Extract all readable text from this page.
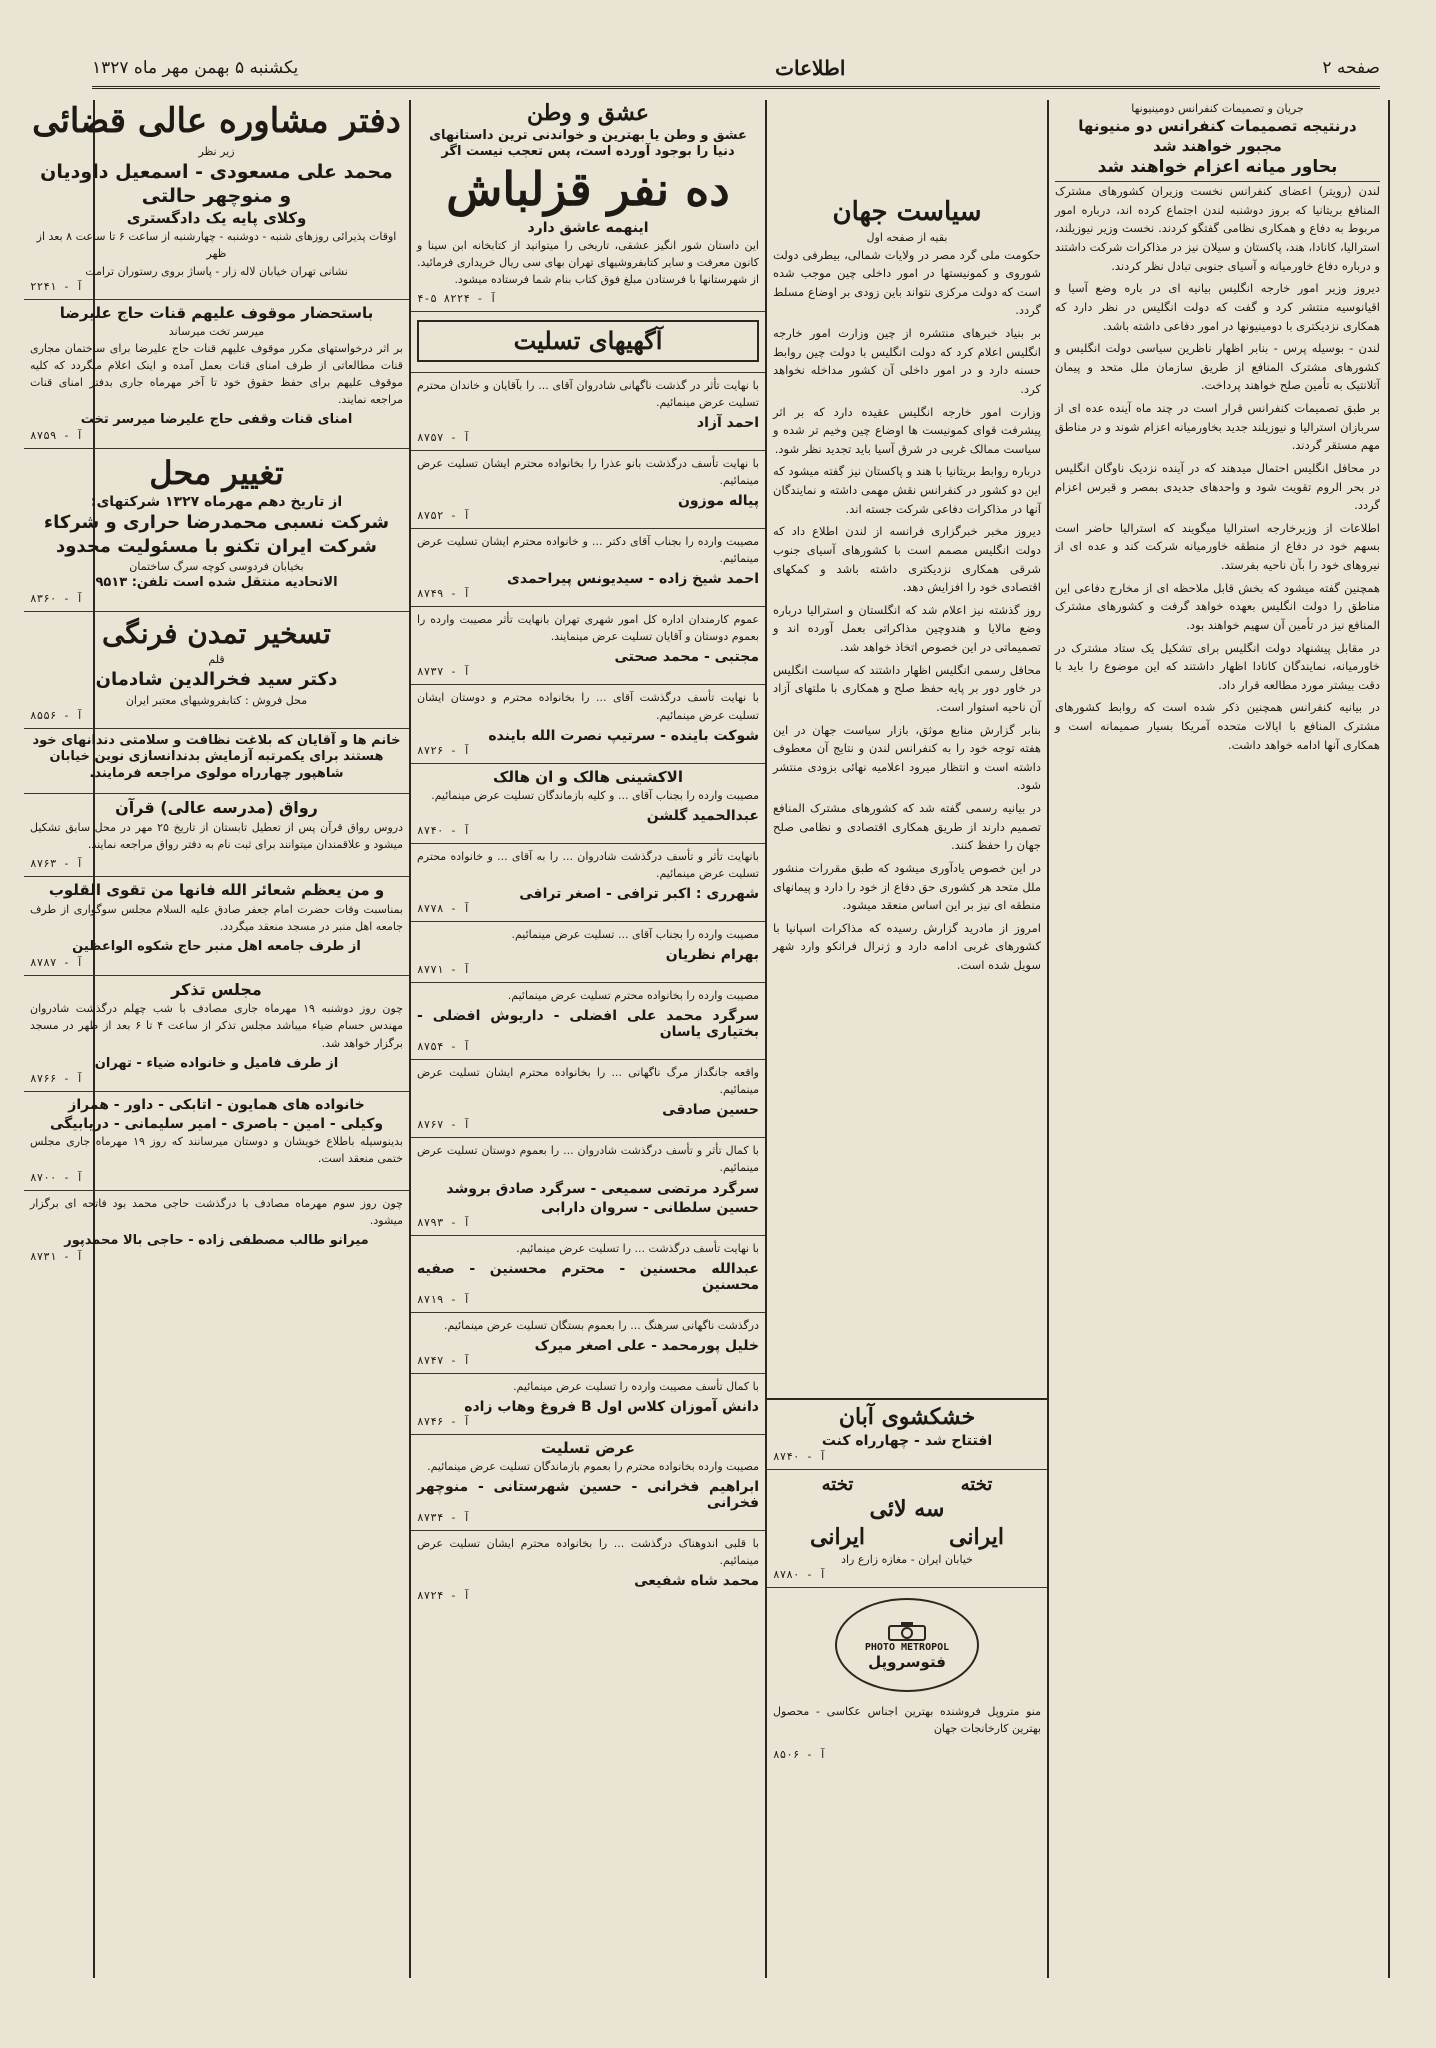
صفحه ۲
اطلاعات
یکشنبه ۵ بهمن مهر ماه ۱۳۲۷
جریان و تصمیمات کنفرانس دومینیونها
درنتیجه تصمیمات کنفرانس دو منیونها مجبور خواهند شد
بحاور میانه اعزام خواهند شد

لندن (رویتر) اعضای کنفرانس نخست وزیران کشورهای مشترک المنافع بریتانیا که بروز دوشنبه لندن اجتماع کرده اند، درباره امور مربوط به دفاع و همکاری نظامی گفتگو کردند. نخست وزیر نیوزیلند، استرالیا، کانادا، هند، پاکستان و سیلان نیز در مذاکرات شرکت داشتند و درباره دفاع خاورمیانه و آسیای جنوبی تبادل نظر کردند.

دیروز وزیر امور خارجه انگلیس بیانیه ای در باره وضع آسیا و اقیانوسیه منتشر کرد و گفت که دولت انگلیس در نظر دارد که همکاری نزدیکتری با دومینیونها در امور دفاعی داشته باشد.

لندن - بوسیله پرس - بنابر اظهار ناظرین سیاسی دولت انگلیس و کشورهای مشترک المنافع از طریق سازمان ملل متحد و پیمان آتلانتیک به تأمین صلح خواهند پرداخت.

بر طبق تصمیمات کنفرانس قرار است در چند ماه آینده عده ای از سربازان استرالیا و نیوزیلند جدید بخاورمیانه اعزام شوند و در مناطق مهم مستقر گردند.

در محافل انگلیس احتمال میدهند که در آینده نزدیک ناوگان انگلیس در بحر الروم تقویت شود و واحدهای جدیدی بمصر و قبرس اعزام گردد.

اطلاعات از وزیرخارجه استرالیا میگویند که استرالیا حاضر است بسهم خود در دفاع از منطقه خاورمیانه شرکت کند و عده ای از نیروهای خود را بآن ناحیه بفرستد.

همچنین گفته میشود که بخش قابل ملاحظه ای از مخارج دفاعی این مناطق را دولت انگلیس بعهده خواهد گرفت و کشورهای مشترک المنافع نیز در تأمین آن سهیم خواهند بود.

در مقابل پیشنهاد دولت انگلیس برای تشکیل یک ستاد مشترک در خاورمیانه، نمایندگان کانادا اظهار داشتند که این موضوع را باید با دقت بیشتر مورد مطالعه قرار داد.

در بیانیه کنفرانس همچنین ذکر شده است که روابط کشورهای مشترک المنافع با ایالات متحده آمریکا بسیار صمیمانه است و همکاری آنها ادامه خواهد داشت.

سیاست جهان
بقیه از صفحه اول

حکومت ملی گرد مصر در ولایات شمالی، بیطرفی دولت شوروی و کمونیستها در امور داخلی چین موجب شده است که دولت مرکزی نتواند باین زودی بر اوضاع مسلط گردد.

بر بنیاد خبرهای منتشره از چین وزارت امور خارجه انگلیس اعلام کرد که دولت انگلیس با دولت چین روابط حسنه دارد و در امور داخلی آن کشور مداخله نخواهد کرد.

وزارت امور خارجه انگلیس عقیده دارد که بر اثر پیشرفت قوای کمونیست ها اوضاع چین وخیم تر شده و سیاست ممالک غربی در شرق آسیا باید تجدید نظر شود.

درباره روابط بریتانیا با هند و پاکستان نیز گفته میشود که این دو کشور در کنفرانس نقش مهمی داشته و نمایندگان آنها در مذاکرات دفاعی شرکت جسته اند.

دیروز مخبر خبرگزاری فرانسه از لندن اطلاع داد که دولت انگلیس مصمم است با کشورهای آسیای جنوب شرقی همکاری نزدیکتری داشته باشد و کمکهای اقتصادی خود را افزایش دهد.

روز گذشته نیز اعلام شد که انگلستان و استرالیا درباره وضع مالایا و هندوچین مذاکراتی بعمل آورده اند و تصمیماتی در این خصوص اتخاذ خواهد شد.

محافل رسمی انگلیس اظهار داشتند که سیاست انگلیس در خاور دور بر پایه حفظ صلح و همکاری با ملتهای آزاد آن ناحیه استوار است.

بنابر گزارش منابع موثق، بازار سیاست جهان در این هفته توجه خود را به کنفرانس لندن و نتایج آن معطوف داشته است و انتظار میرود اعلامیه نهائی بزودی منتشر شود.

در بیانیه رسمی گفته شد که کشورهای مشترک المنافع تصمیم دارند از طریق همکاری اقتصادی و نظامی صلح جهان را حفظ کنند.

در این خصوص یادآوری میشود که طبق مقررات منشور ملل متحد هر کشوری حق دفاع از خود را دارد و پیمانهای منطقه ای نیز بر این اساس منعقد میشود.

امروز از مادرید گزارش رسیده که مذاکرات اسپانیا با کشورهای غربی ادامه دارد و ژنرال فرانکو وارد شهر سویل شده است.

خشکشوی آبان
افتتاح شد - چهارراه کنت
آ - ۸۷۴۰
تخته
تخته
سه لائی
ایرانی
ایرانی
خیابان ایران - مغازه زارع راد
آ - ۸۷۸۰
PHOTO METROPOL
فتوسروپل

منو متروپل فروشنده بهترین اجناس عکاسی - محصول بهترین کارخانجات جهان

آ - ۸۵۰۶
عشق و وطن
عشق و وطن یا بهترین و خواندنی ترین داستانهای دنیا را بوجود آورده است، پس تعجب نیست اگر
ده نفر قزلباش
اینهمه عاشق دارد

این داستان شور انگیز عشقی، تاریخی را میتوانید از کتابخانه ابن سینا و کانون معرفت و سایر کتابفروشیهای تهران بهای سی ریال خریداری فرمائید. از شهرستانها با فرستادن مبلغ فوق کتاب بنام شما فرستاده میشود.

آ - ۸۲۲۴ ۵-۴
آگهیهای تسلیت

با نهایت تأثر در گذشت ناگهانی شادروان آقای ... را بآقایان و خاندان محترم تسلیت عرض مینمائیم.

احمد آزاد
آ - ۸۷۵۷

با نهایت تأسف درگذشت بانو عذرا را بخانواده محترم ایشان تسلیت عرض مینمائیم.

پیاله موزون
آ - ۸۷۵۲

مصیبت وارده را بجناب آقای دکتر ... و خانواده محترم ایشان تسلیت عرض مینمائیم.

احمد شیخ زاده - سیدیونس پیراحمدی
آ - ۸۷۴۹

عموم کارمندان اداره کل امور شهری تهران بانهایت تأثر مصیبت وارده را بعموم دوستان و آقایان تسلیت عرض مینمایند.

مجتبی - محمد صحتی
آ - ۸۷۳۷

با نهایت تأسف درگذشت آقای ... را بخانواده محترم و دوستان ایشان تسلیت عرض مینمائیم.

شوکت باینده - سرتیپ نصرت الله باینده
آ - ۸۷۲۶
الاکشینی هالک و ان هالک

مصیبت وارده را بجناب آقای ... و کلیه بازماندگان تسلیت عرض مینمائیم.

عبدالحمید گلشن
آ - ۸۷۴۰

بانهایت تأثر و تأسف درگذشت شادروان ... را به آقای ... و خانواده محترم تسلیت عرض مینمائیم.

شهرری : اکبر ترافی - اصغر ترافی
آ - ۸۷۷۸

مصیبت وارده را بجناب آقای ... تسلیت عرض مینمائیم.

بهرام نظریان
آ - ۸۷۷۱

مصیبت وارده را بخانواده محترم تسلیت عرض مینمائیم.

سرگرد محمد علی افضلی - داریوش افضلی - بختیاری یاسان
آ - ۸۷۵۴

واقعه جانگداز مرگ ناگهانی ... را بخانواده محترم ایشان تسلیت عرض مینمائیم.

حسین صادقی
آ - ۸۷۶۷

با کمال تأثر و تأسف درگذشت شادروان ... را بعموم دوستان تسلیت عرض مینمائیم.

سرگرد مرتضی سمیعی - سرگرد صادق بروشد
حسین سلطانی - سروان دارابی
آ - ۸۷۹۳

با نهایت تأسف درگذشت ... را تسلیت عرض مینمائیم.

عبدالله محسنین - محترم محسنین - صفیه محسنین
آ - ۸۷۱۹

درگذشت ناگهانی سرهنگ ... را بعموم بستگان تسلیت عرض مینمائیم.

خلیل پورمحمد - علی اصغر میرک
آ - ۸۷۴۷

با کمال تأسف مصیبت وارده را تسلیت عرض مینمائیم.

دانش آموزان کلاس اول B فروغ وهاب زاده
آ - ۸۷۴۶
عرض تسلیت

مصیبت وارده بخانواده محترم را بعموم بازماندگان تسلیت عرض مینمائیم.

ابراهیم فخرانی - حسین شهرستانی - منوچهر فخرانی
آ - ۸۷۳۴

با قلبی اندوهناک درگذشت ... را بخانواده محترم ایشان تسلیت عرض مینمائیم.

محمد شاه شفیعی
آ - ۸۷۲۴
دفتر مشاوره عالی قضائی
زیر نظر
محمد علی مسعودی - اسمعیل داودیان
و منوچهر حالتی
وکلای پایه یک دادگستری
اوقات پذیرائی روزهای شنبه - دوشنبه - چهارشنبه از ساعت ۶ تا ساعت ۸ بعد از ظهر
نشانی تهران خیابان لاله زار - پاساژ بروی رستوران ترامت
آ - ۲۲۴۱
باستحضار موقوف علیهم قنات حاج علیرضا
میرسر تخت میرساند

بر اثر درخواستهای مکرر موقوف علیهم قنات حاج علیرضا برای ساختمان مجاری قنات مطالعاتی از طرف امنای قنات بعمل آمده و اینک اعلام میگردد که کلیه موقوف علیهم برای حفظ حقوق خود تا آخر مهرماه جاری بدفتر امنای قنات مراجعه نمایند.

امنای قنات وقفی حاج علیرضا میرسر تخت
آ - ۸۷۵۹
تغییر محل
از تاریخ دهم مهرماه ۱۳۲۷ شرکتهای:
شرکت نسبی محمدرضا حراری و شرکاء
شرکت ایران تکنو با مسئولیت محدود
بخیابان فردوسی کوچه سرگ ساختمان
الاتحادیه منتقل شده است تلفن: ۹۵۱۳
آ - ۸۳۶۰
تسخیر تمدن فرنگی
قلم
دکتر سید فخرالدین شادمان
محل فروش : کتابفروشیهای معتبر ایران
آ - ۸۵۵۶

خانم ها و آقایان که بلاغت نظافت و سلامتی دندانهای خود هستند برای یکمرتبه آزمایش بدندانسازی نوین خیابان شاهپور چهارراه مولوی مراجعه فرمایند.

رواق (مدرسه عالی) قرآن

دروس رواق قرآن پس از تعطیل تابستان از تاریخ ۲۵ مهر در محل سابق تشکیل میشود و علاقمندان میتوانند برای ثبت نام به دفتر رواق مراجعه نمایند.

آ - ۸۷۶۳
و من یعظم شعائر الله فانها من تقوی القلوب

بمناسبت وفات حضرت امام جعفر صادق علیه السلام مجلس سوگواری از طرف جامعه اهل منبر در مسجد منعقد میگردد.

از طرف جامعه اهل منبر حاج شکوه الواعظین
آ - ۸۷۸۷
مجلس تذکر

چون روز دوشنبه ۱۹ مهرماه جاری مصادف با شب چهلم درگذشت شادروان مهندس حسام ضیاء میباشد مجلس تذکر از ساعت ۴ تا ۶ بعد از ظهر در مسجد برگزار خواهد شد.

از طرف فامیل و خانواده ضیاء - تهران
آ - ۸۷۶۶
خانواده های همایون - اتابکی - داور - همراز
وکیلی - امین - باصری - امیر سلیمانی - دریابیگی

بدینوسیله باطلاع خویشان و دوستان میرسانند که روز ۱۹ مهرماه جاری مجلس ختمی منعقد است.

آ - ۸۷۰۰

چون روز سوم مهرماه مصادف با درگذشت حاجی محمد بود فاتحه ای برگزار میشود.

میرانو طالب مصطفی زاده - حاجی بالا محمدپور
آ - ۸۷۳۱
